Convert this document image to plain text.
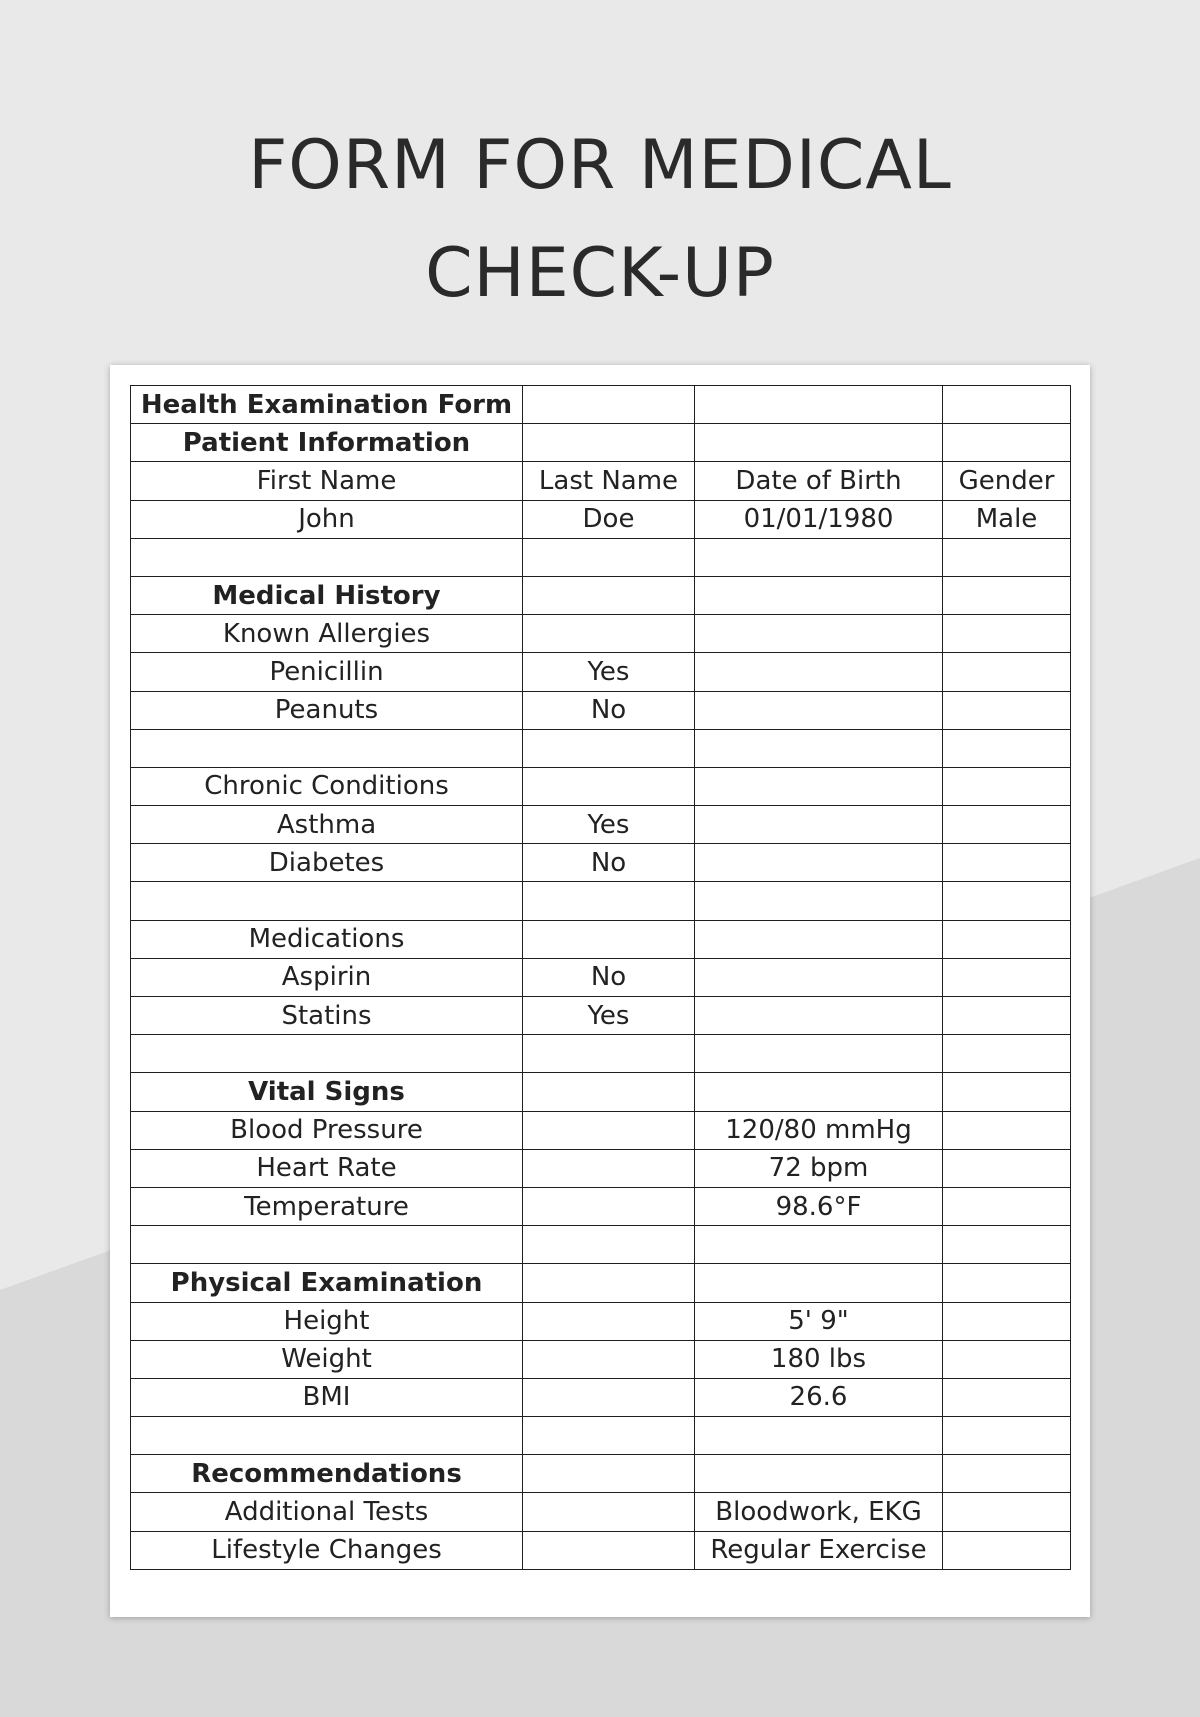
FORM FOR MEDICAL
CHECK-UP
Health Examination Form			
Patient Information			
First Name	Last Name	Date of Birth	Gender
John	Doe	01/01/1980	Male

Medical History			
Known Allergies			
Penicillin	Yes		
Peanuts	No		

Chronic Conditions			
Asthma	Yes		
Diabetes	No		

Medications			
Aspirin	No		
Statins	Yes		

Vital Signs			
Blood Pressure		120/80 mmHg	
Heart Rate		72 bpm	
Temperature		98.6°F	

Physical Examination			
Height		5' 9"	
Weight		180 lbs	
BMI		26.6	

Recommendations			
Additional Tests		Bloodwork, EKG	
Lifestyle Changes		Regular Exercise	
